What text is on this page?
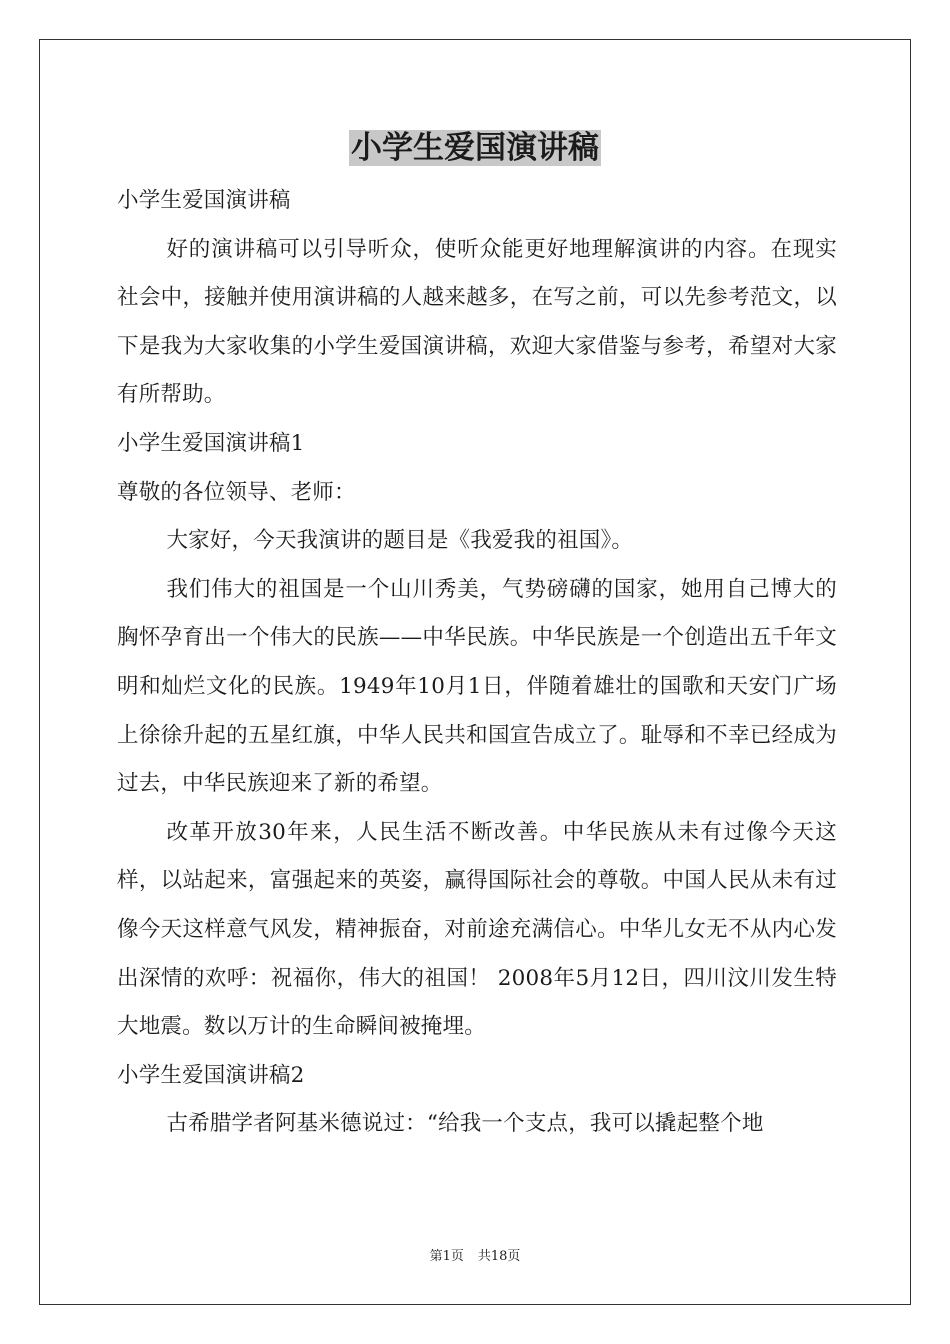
小学生爱国演讲稿

小学生爱国演讲稿

好的演讲稿可以引导听众，使听众能更好地理解演讲的内容。在现实社会中，接触并使用演讲稿的人越来越多，在写之前，可以先参考范文，以下是我为大家收集的小学生爱国演讲稿，欢迎大家借鉴与参考，希望对大家有所帮助。

小学生爱国演讲稿1

尊敬的各位领导、老师：

大家好，今天我演讲的题目是《我爱我的祖国》。

我们伟大的祖国是一个山川秀美，气势磅礴的国家，她用自己博大的胸怀孕育出一个伟大的民族——中华民族。中华民族是一个创造出五千年文明和灿烂文化的民族。1949年10月1日，伴随着雄壮的国歌和天安门广场上徐徐升起的五星红旗，中华人民共和国宣告成立了。耻辱和不幸已经成为过去，中华民族迎来了新的希望。

改革开放30年来，人民生活不断改善。中华民族从未有过像今天这样，以站起来，富强起来的英姿，赢得国际社会的尊敬。中国人民从未有过像今天这样意气风发，精神振奋，对前途充满信心。中华儿女无不从内心发出深情的欢呼：祝福你，伟大的祖国！ 2008年5月12日，四川汶川发生特大地震。数以万计的生命瞬间被掩埋。

小学生爱国演讲稿2

古希腊学者阿基米德说过：“给我一个支点，我可以撬起整个地

第1页 共18页
